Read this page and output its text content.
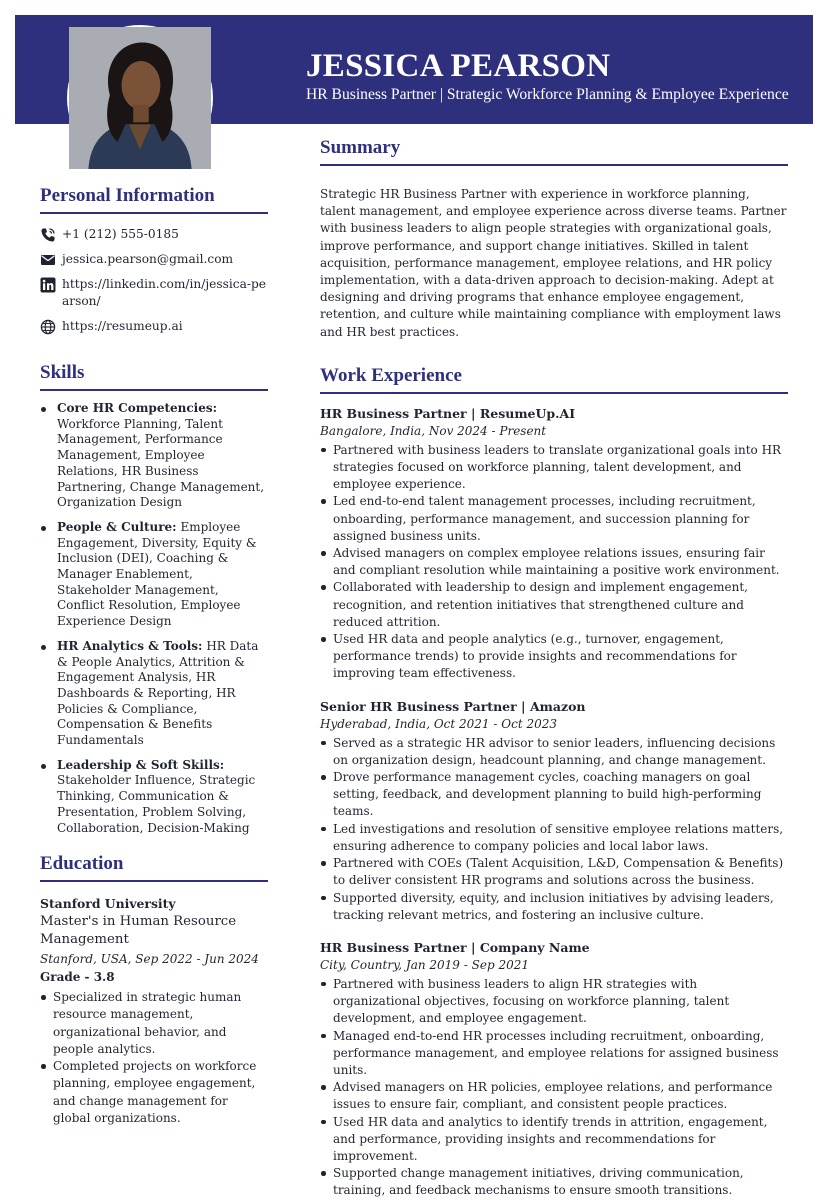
JESSICA PEARSON
HR Business Partner | Strategic Workforce Planning & Employee Experience
Personal Information
+1 (212) 555-0185
jessica.pearson@gmail.com
https://linkedin.com/in/jessica-pearson/
https://resumeup.ai
Skills
Core HR Competencies: Workforce Planning, Talent Management, Performance Management, Employee Relations, HR Business Partnering, Change Management, Organization Design
People & Culture: Employee Engagement, Diversity, Equity & Inclusion (DEI), Coaching & Manager Enablement, Stakeholder Management, Conflict Resolution, Employee Experience Design
HR Analytics & Tools: HR Data & People Analytics, Attrition & Engagement Analysis, HR Dashboards & Reporting, HR Policies & Compliance, Compensation & Benefits Fundamentals
Leadership & Soft Skills: Stakeholder Influence, Strategic Thinking, Communication & Presentation, Problem Solving, Collaboration, Decision-Making
Education
Stanford University
Master's in Human Resource Management
Stanford, USA, Sep 2022 - Jun 2024
Grade - 3.8
Specialized in strategic human resource management, organizational behavior, and people analytics.
Completed projects on workforce planning, employee engagement, and change management for global organizations.
Summary
Strategic HR Business Partner with experience in workforce planning, talent management, and employee experience across diverse teams. Partner with business leaders to align people strategies with organizational goals, improve performance, and support change initiatives. Skilled in talent acquisition, performance management, employee relations, and HR policy implementation, with a data-driven approach to decision-making. Adept at designing and driving programs that enhance employee engagement, retention, and culture while maintaining compliance with employment laws and HR best practices.
Work Experience
HR Business Partner | ResumeUp.AI
Bangalore, India, Nov 2024 - Present
Partnered with business leaders to translate organizational goals into HR strategies focused on workforce planning, talent development, and employee experience.
Led end-to-end talent management processes, including recruitment, onboarding, performance management, and succession planning for assigned business units.
Advised managers on complex employee relations issues, ensuring fair and compliant resolution while maintaining a positive work environment.
Collaborated with leadership to design and implement engagement, recognition, and retention initiatives that strengthened culture and reduced attrition.
Used HR data and people analytics (e.g., turnover, engagement, performance trends) to provide insights and recommendations for improving team effectiveness.
Senior HR Business Partner | Amazon
Hyderabad, India, Oct 2021 - Oct 2023
Served as a strategic HR advisor to senior leaders, influencing decisions on organization design, headcount planning, and change management.
Drove performance management cycles, coaching managers on goal setting, feedback, and development planning to build high-performing teams.
Led investigations and resolution of sensitive employee relations matters, ensuring adherence to company policies and local labor laws.
Partnered with COEs (Talent Acquisition, L&D, Compensation & Benefits) to deliver consistent HR programs and solutions across the business.
Supported diversity, equity, and inclusion initiatives by advising leaders, tracking relevant metrics, and fostering an inclusive culture.
HR Business Partner | Company Name
City, Country, Jan 2019 - Sep 2021
Partnered with business leaders to align HR strategies with organizational objectives, focusing on workforce planning, talent development, and employee engagement.
Managed end-to-end HR processes including recruitment, onboarding, performance management, and employee relations for assigned business units.
Advised managers on HR policies, employee relations, and performance issues to ensure fair, compliant, and consistent people practices.
Used HR data and analytics to identify trends in attrition, engagement, and performance, providing insights and recommendations for improvement.
Supported change management initiatives, driving communication, training, and feedback mechanisms to ensure smooth transitions.
